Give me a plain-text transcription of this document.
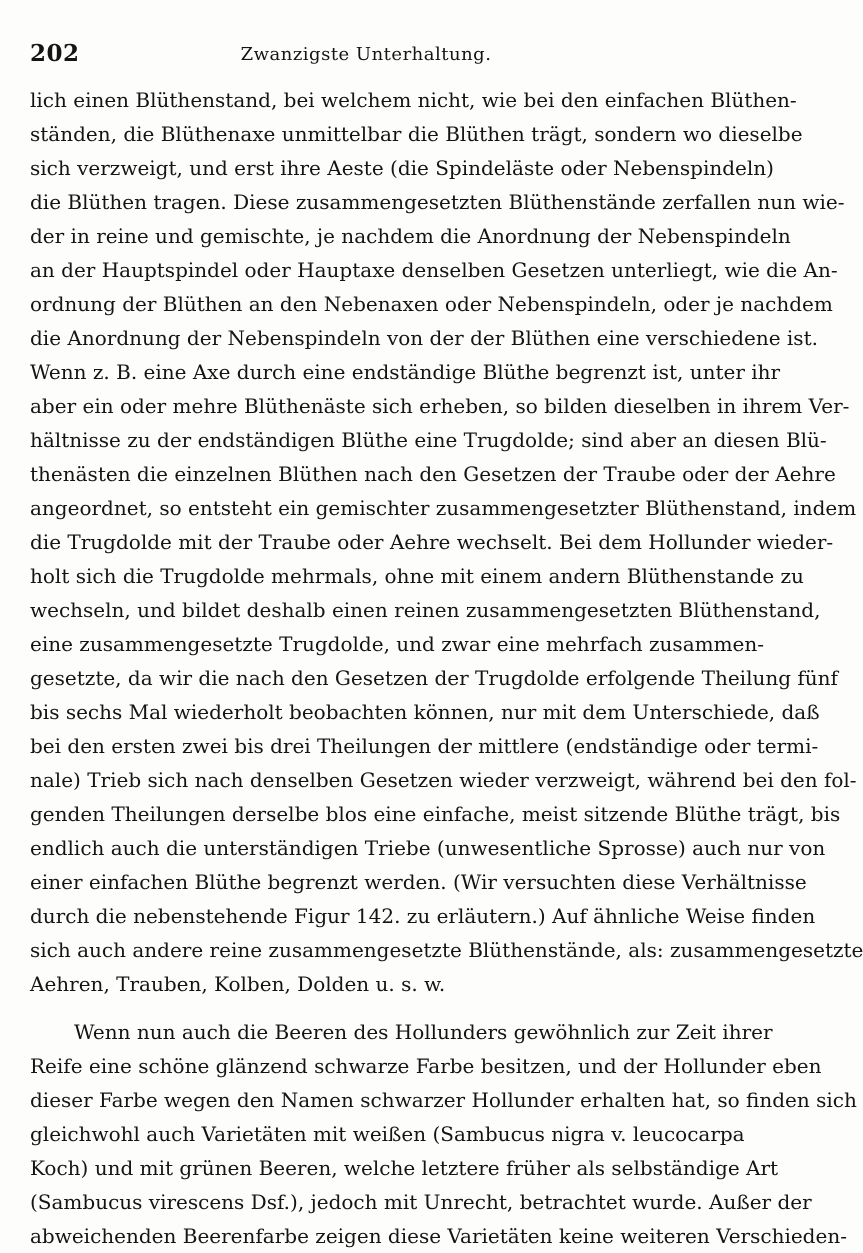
202	Zwanzigste Unterhaltung.
lich einen Blüthenstand, bei welchem nicht, wie bei den einfachen Blüthen-
ständen, die Blüthenaxe unmittelbar die Blüthen trägt, sondern wo dieselbe
sich verzweigt, und erst ihre Aeste (die Spindeläste oder Nebenspindeln)
die Blüthen tragen. Diese zusammengesetzten Blüthenstände zerfallen nun wie-
der in reine und gemischte, je nachdem die Anordnung der Nebenspindeln
an der Hauptspindel oder Hauptaxe denselben Gesetzen unterliegt, wie die An-
ordnung der Blüthen an den Nebenaxen oder Nebenspindeln, oder je nachdem
die Anordnung der Nebenspindeln von der der Blüthen eine verschiedene ist.
Wenn z. B. eine Axe durch eine endständige Blüthe begrenzt ist, unter ihr
aber ein oder mehre Blüthenäste sich erheben, so bilden dieselben in ihrem Ver-
hältnisse zu der endständigen Blüthe eine Trugdolde; sind aber an diesen Blü-
thenästen die einzelnen Blüthen nach den Gesetzen der Traube oder der Aehre
angeordnet, so entsteht ein gemischter zusammengesetzter Blüthenstand, indem
die Trugdolde mit der Traube oder Aehre wechselt. Bei dem Hollunder wieder-
holt sich die Trugdolde mehrmals, ohne mit einem andern Blüthenstande zu
wechseln, und bildet deshalb einen reinen zusammengesetzten Blüthenstand,
eine zusammengesetzte Trugdolde, und zwar eine mehrfach zusammen-
gesetzte, da wir die nach den Gesetzen der Trugdolde erfolgende Theilung fünf
bis sechs Mal wiederholt beobachten können, nur mit dem Unterschiede, daß
bei den ersten zwei bis drei Theilungen der mittlere (endständige oder termi-
nale) Trieb sich nach denselben Gesetzen wieder verzweigt, während bei den fol-
genden Theilungen derselbe blos eine einfache, meist sitzende Blüthe trägt, bis
endlich auch die unterständigen Triebe (unwesentliche Sprosse) auch nur von
einer einfachen Blüthe begrenzt werden. (Wir versuchten diese Verhältnisse
durch die nebenstehende Figur 142. zu erläutern.) Auf ähnliche Weise finden
sich auch andere reine zusammengesetzte Blüthenstände, als: zusammengesetzte
Aehren, Trauben, Kolben, Dolden u. s. w.
Wenn nun auch die Beeren des Hollunders gewöhnlich zur Zeit ihrer
Reife eine schöne glänzend schwarze Farbe besitzen, und der Hollunder eben
dieser Farbe wegen den Namen schwarzer Hollunder erhalten hat, so finden sich
gleichwohl auch Varietäten mit weißen (Sambucus nigra v. leucocarpa
Koch) und mit grünen Beeren, welche letztere früher als selbständige Art
(Sambucus virescens Dsf.), jedoch mit Unrecht, betrachtet wurde. Außer der
abweichenden Beerenfarbe zeigen diese Varietäten keine weiteren Verschieden-
